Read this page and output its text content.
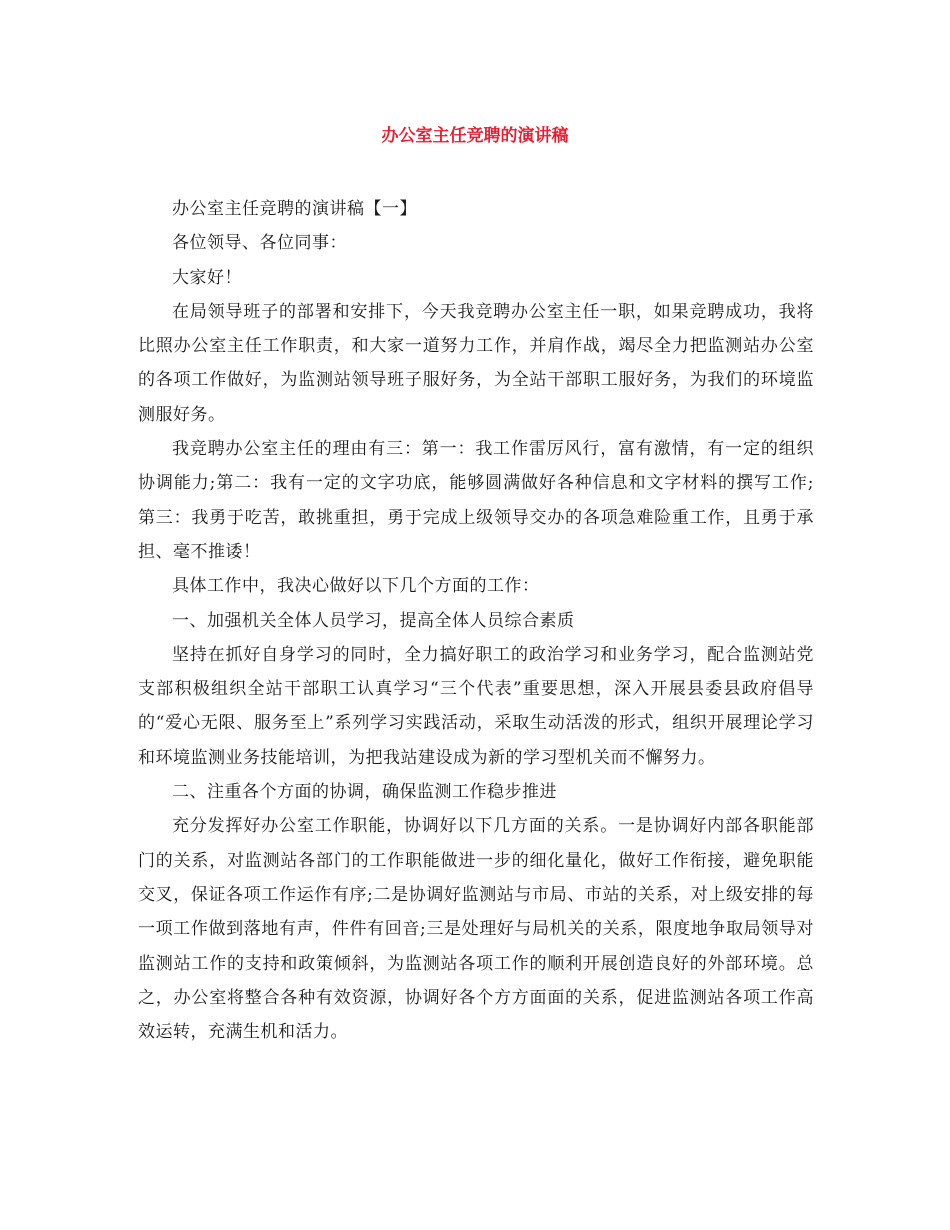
办公室主任竞聘的演讲稿

办公室主任竞聘的演讲稿【一】

各位领导、各位同事：

大家好！

在局领导班子的部署和安排下，今天我竞聘办公室主任一职，如果竞聘成功，我将比照办公室主任工作职责，和大家一道努力工作，并肩作战，竭尽全力把监测站办公室的各项工作做好，为监测站领导班子服好务，为全站干部职工服好务，为我们的环境监测服好务。

我竞聘办公室主任的理由有三：第一：我工作雷厉风行，富有激情，有一定的组织协调能力;第二：我有一定的文字功底，能够圆满做好各种信息和文字材料的撰写工作;第三：我勇于吃苦，敢挑重担，勇于完成上级领导交办的各项急难险重工作，且勇于承担、毫不推诿！

具体工作中，我决心做好以下几个方面的工作：

一、加强机关全体人员学习，提高全体人员综合素质

坚持在抓好自身学习的同时，全力搞好职工的政治学习和业务学习，配合监测站党支部积极组织全站干部职工认真学习“三个代表”重要思想，深入开展县委县政府倡导的“爱心无限、服务至上”系列学习实践活动，采取生动活泼的形式，组织开展理论学习和环境监测业务技能培训，为把我站建设成为新的学习型机关而不懈努力。

二、注重各个方面的协调，确保监测工作稳步推进

充分发挥好办公室工作职能，协调好以下几方面的关系。一是协调好内部各职能部门的关系，对监测站各部门的工作职能做进一步的细化量化，做好工作衔接，避免职能交叉，保证各项工作运作有序;二是协调好监测站与市局、市站的关系，对上级安排的每一项工作做到落地有声，件件有回音;三是处理好与局机关的关系，限度地争取局领导对监测站工作的支持和政策倾斜，为监测站各项工作的顺利开展创造良好的外部环境。总之，办公室将整合各种有效资源，协调好各个方方面面的关系，促进监测站各项工作高效运转，充满生机和活力。
